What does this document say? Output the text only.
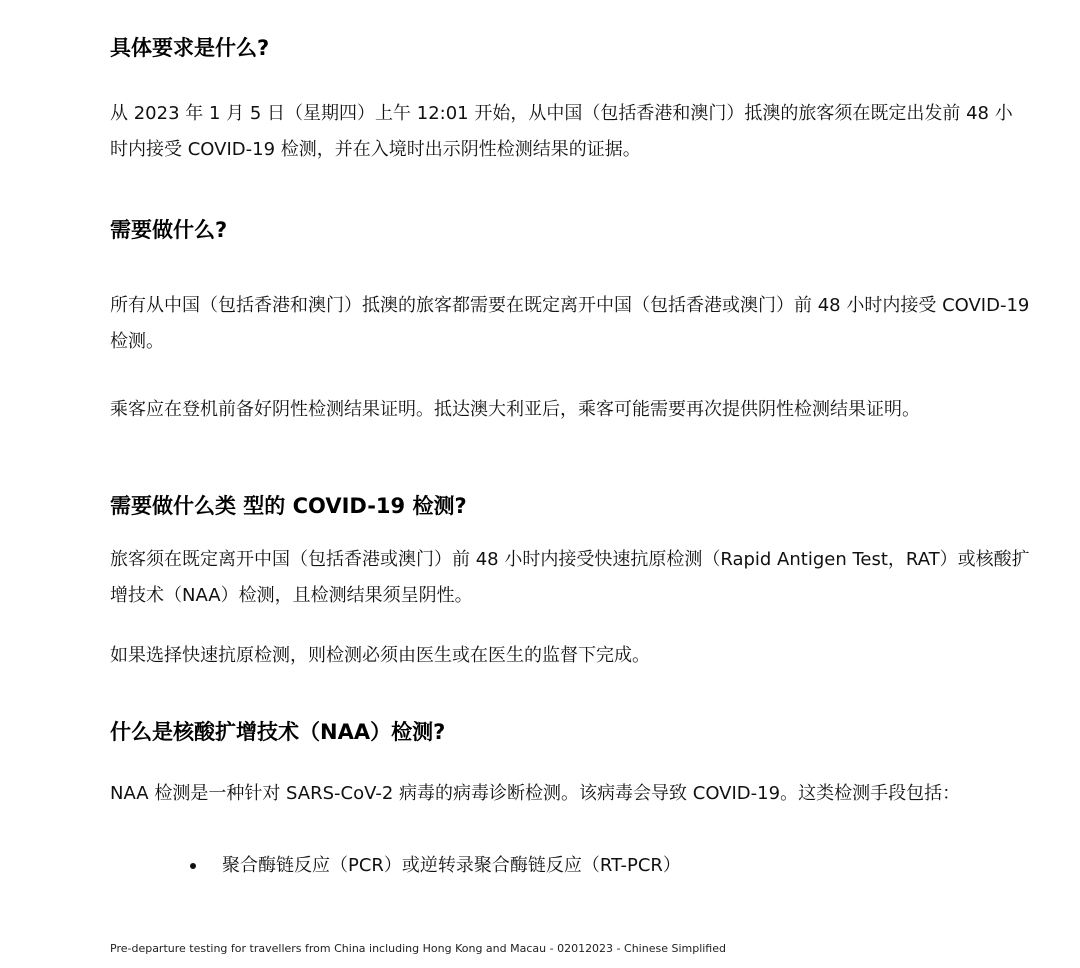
具体要求是什么?

从 2023 年 1 月 5 日（星期四）上午 12:01 开始，从中国（包括香港和澳门）抵澳的旅客须在既定出发前 48 小时内接受 COVID-19 检测，并在入境时出示阴性检测结果的证据。

需要做什么?

所有从中国（包括香港和澳门）抵澳的旅客都需要在既定离开中国（包括香港或澳门）前 48 小时内接受 COVID-19 检测。

乘客应在登机前备好阴性检测结果证明。抵达澳大利亚后，乘客可能需要再次提供阴性检测结果证明。

需要做什么类 型的 COVID-19 检测?

旅客须在既定离开中国（包括香港或澳门）前 48 小时内接受快速抗原检测（Rapid Antigen Test，RAT）或核酸扩增技术（NAA）检测，且检测结果须呈阴性。

如果选择快速抗原检测，则检测必须由医生或在医生的监督下完成。

什么是核酸扩增技术（NAA）检测?

NAA 检测是一种针对 SARS-CoV-2 病毒的病毒诊断检测。该病毒会导致 COVID-19。这类检测手段包括：

聚合酶链反应（PCR）或逆转录聚合酶链反应（RT-PCR）
Pre-departure testing for travellers from China including Hong Kong and Macau - 02012023 - Chinese Simplified
